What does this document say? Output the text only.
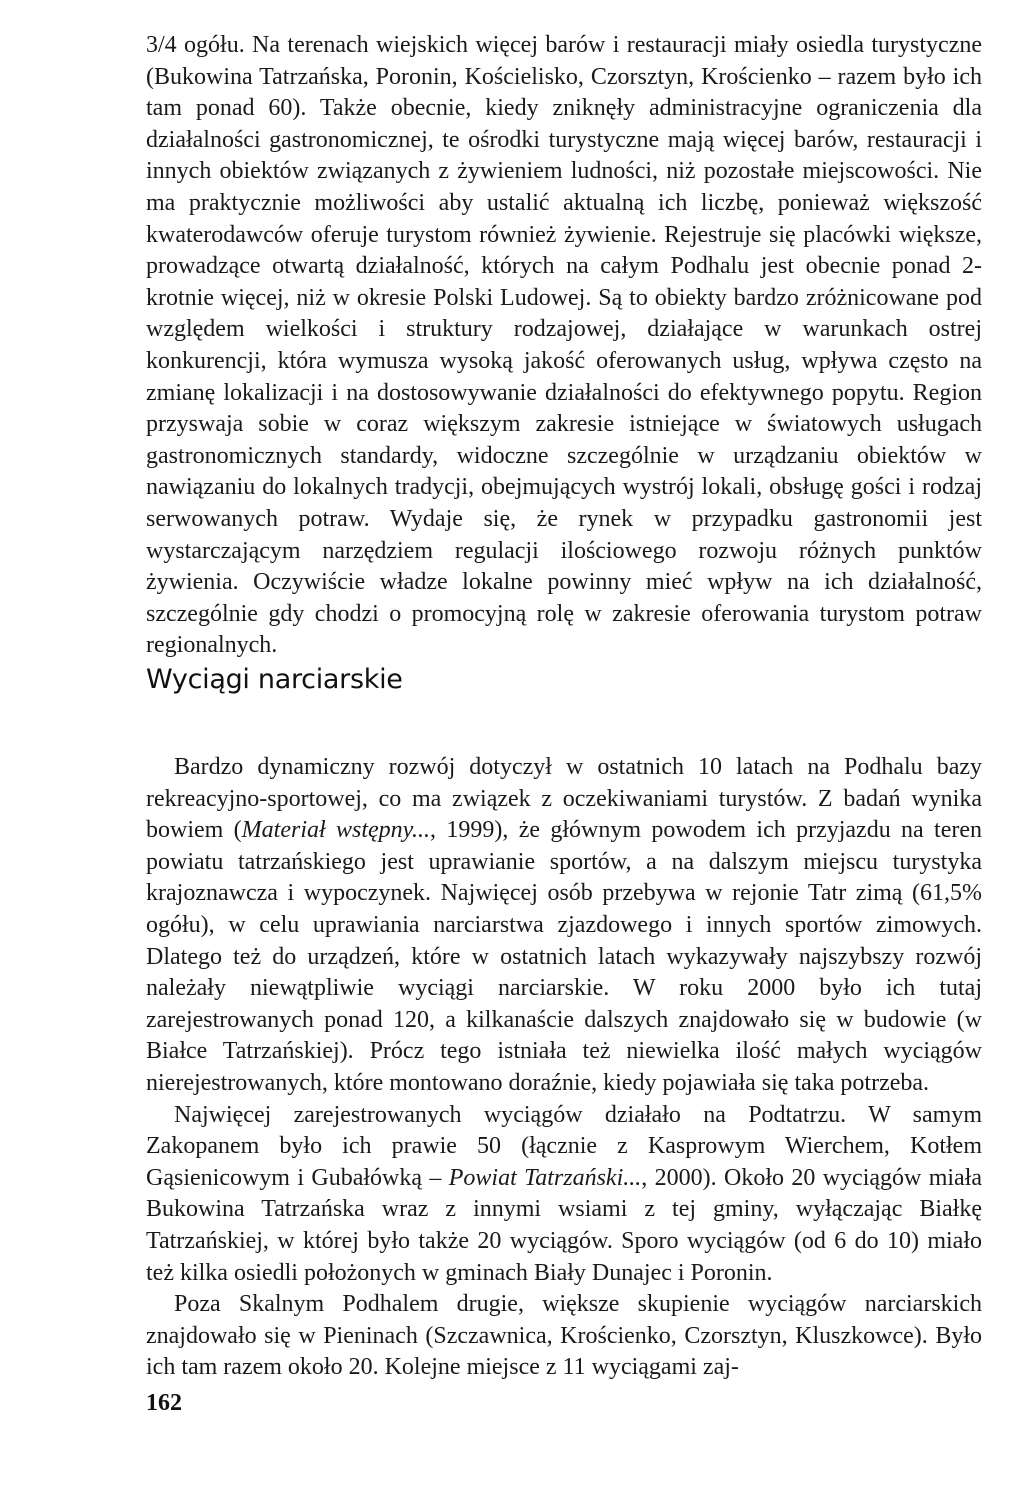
3/4 ogółu. Na terenach wiejskich więcej barów i restauracji miały osiedla turystyczne (Bukowina Tatrzańska, Poronin, Kościelisko, Czorsztyn, Krościenko – razem było ich tam ponad 60). Także obecnie, kiedy zniknęły administracyjne ograniczenia dla działalności gastronomicznej, te ośrodki turystyczne mają więcej barów, restauracji i innych obiektów związanych z żywieniem ludności, niż pozostałe miejscowości. Nie ma praktycznie możliwości aby ustalić aktualną ich liczbę, ponieważ większość kwaterodawców oferuje turystom również żywienie. Rejestruje się placówki większe, prowadzące otwartą działalność, których na całym Podhalu jest obecnie ponad 2-krotnie więcej, niż w okresie Polski Ludowej. Są to obiekty bardzo zróżnicowane pod względem wielkości i struktury rodzajowej, działające w warunkach ostrej konkurencji, która wymusza wysoką jakość oferowanych usług, wpływa często na zmianę lokalizacji i na dostosowywanie działalności do efektywnego popytu. Region przyswaja sobie w coraz większym zakresie istniejące w światowych usługach gastronomicznych standardy, widoczne szczególnie w urządzaniu obiektów w nawiązaniu do lokalnych tradycji, obejmujących wystrój lokali, obsługę gości i rodzaj serwowanych potraw. Wydaje się, że rynek w przypadku gastronomii jest wystarczającym narzędziem regulacji ilościowego rozwoju różnych punktów żywienia. Oczywiście władze lokalne powinny mieć wpływ na ich działalność, szczególnie gdy chodzi o promocyjną rolę w zakresie oferowania turystom potraw regionalnych.

Wyciągi narciarskie

Bardzo dynamiczny rozwój dotyczył w ostatnich 10 latach na Podhalu bazy rekreacyjno-sportowej, co ma związek z oczekiwaniami turystów. Z badań wynika bowiem (Materiał wstępny..., 1999), że głównym powodem ich przyjazdu na teren powiatu tatrzańskiego jest uprawianie sportów, a na dalszym miejscu turystyka krajoznawcza i wypoczynek. Najwięcej osób przebywa w rejonie Tatr zimą (61,5% ogółu), w celu uprawiania narciarstwa zjazdowego i innych sportów zimowych. Dlatego też do urządzeń, które w ostatnich latach wykazywały najszybszy rozwój należały niewątpliwie wyciągi narciarskie. W roku 2000 było ich tutaj zarejestrowanych ponad 120, a kilkanaście dalszych znajdowało się w budowie (w Białce Tatrzańskiej). Prócz tego istniała też niewielka ilość małych wyciągów nierejestrowanych, które montowano doraźnie, kiedy pojawiała się taka potrzeba.

Najwięcej zarejestrowanych wyciągów działało na Podtatrzu. W samym Zakopanem było ich prawie 50 (łącznie z Kasprowym Wierchem, Kotłem Gąsienicowym i Gubałówką – Powiat Tatrzański..., 2000). Około 20 wyciągów miała Bukowina Tatrzańska wraz z innymi wsiami z tej gminy, wyłączając Białkę Tatrzańskiej, w której było także 20 wyciągów. Sporo wyciągów (od 6 do 10) miało też kilka osiedli położonych w gminach Biały Dunajec i Poronin.

Poza Skalnym Podhalem drugie, większe skupienie wyciągów narciarskich znajdowało się w Pieninach (Szczawnica, Krościenko, Czorsztyn, Kluszkowce). Było ich tam razem około 20. Kolejne miejsce z 11 wyciągami zaj-

162
